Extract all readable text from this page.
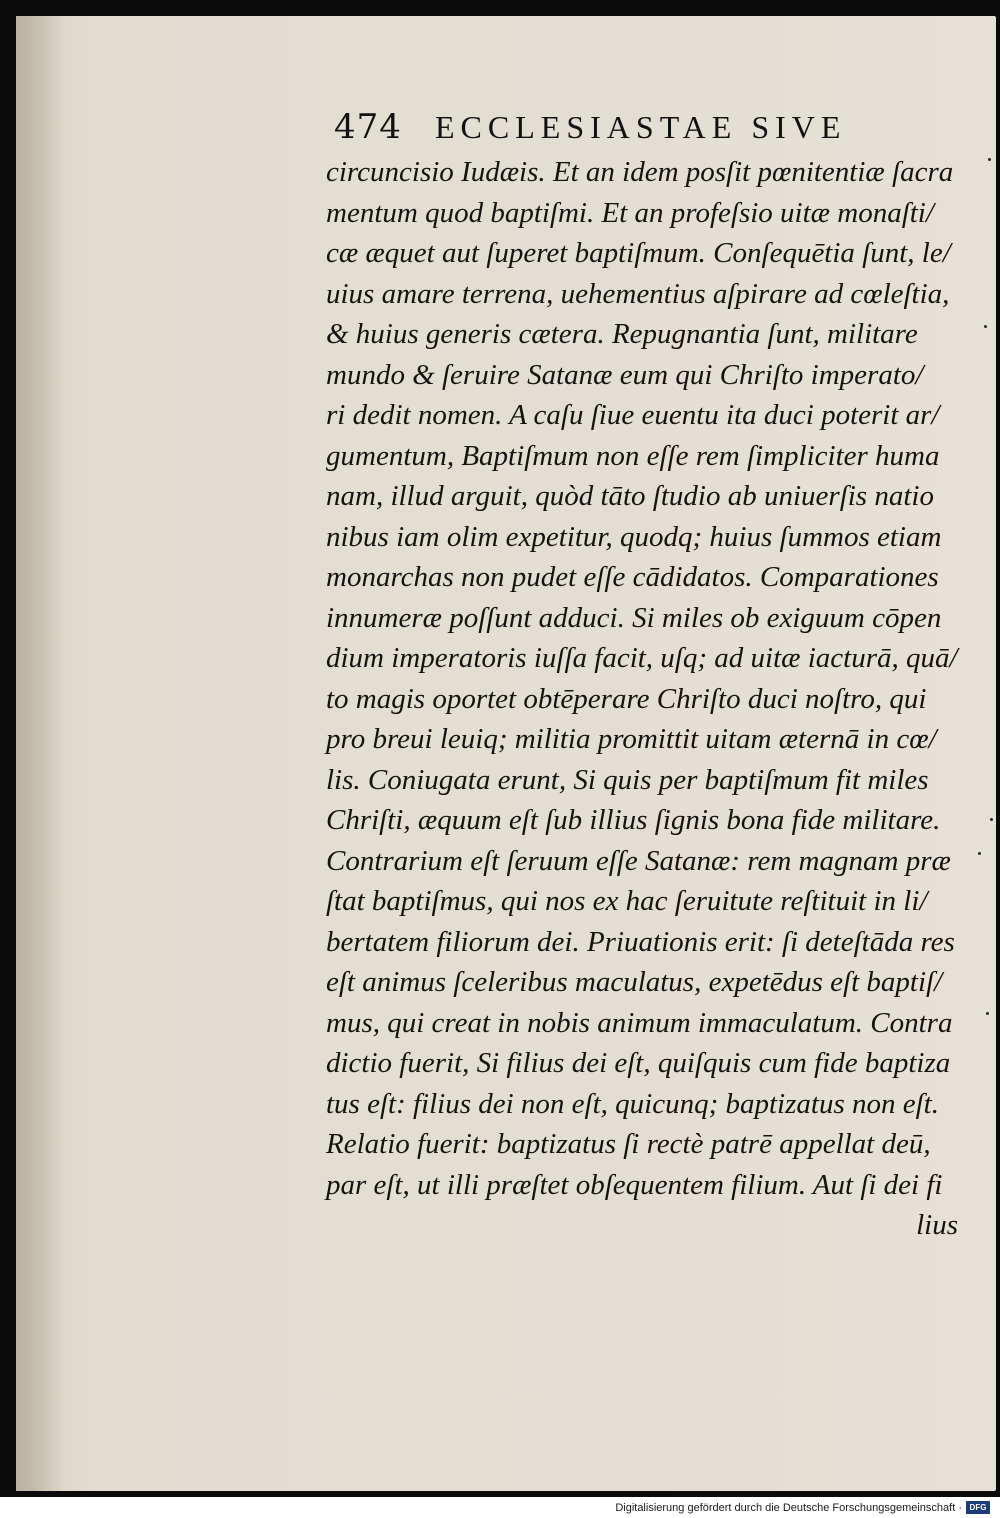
474 ECCLESIASTAE SIVE
circuncisio Iudæis. Et an idem posſit pœnitentiæ ſacra
mentum quod baptiſmi. Et an profeſsio uitæ monaſti/
cæ æquet aut ſuperet baptiſmum. Conſequētia ſunt, le/
uius amare terrena, uehementius aſpirare ad cœleſtia,
& huius generis cætera. Repugnantia ſunt, militare
mundo & ſeruire Satanæ eum qui Chriſto imperato/
ri dedit nomen. A caſu ſiue euentu ita duci poterit ar/
gumentum, Baptiſmum non eſſe rem ſimpliciter huma
nam, illud arguit, quòd tāto ſtudio ab uniuerſis natio
nibus iam olim expetitur, quodq; huius ſummos etiam
monarchas non pudet eſſe cādidatos. Comparationes
innumeræ poſſunt adduci. Si miles ob exiguum cōpen
dium imperatoris iuſſa facit, uſq; ad uitæ iacturā, quā/
to magis oportet obtēperare Chriſto duci noſtro, qui
pro breui leuiq; militia promittit uitam æternā in cœ/
lis. Coniugata erunt, Si quis per baptiſmum fit miles
Chriſti, æquum eſt ſub illius ſignis bona fide militare.
Contrarium eſt ſeruum eſſe Satanæ: rem magnam præ
ſtat baptiſmus, qui nos ex hac ſeruitute reſtituit in li/
bertatem filiorum dei. Priuationis erit: ſi deteſtāda res
eſt animus ſceleribus maculatus, expetēdus eſt baptiſ/
mus, qui creat in nobis animum immaculatum. Contra
dictio fuerit, Si filius dei eſt, quiſquis cum fide baptiza
tus eſt: filius dei non eſt, quicunq; baptizatus non eſt.
Relatio fuerit: baptizatus ſi rectè patrē appellat deū,
par eſt, ut illi præſtet obſequentem filium. Aut ſi dei fi
lius
Digitalisierung gefördert durch die Deutsche Forschungsgemeinschaft · DFG
